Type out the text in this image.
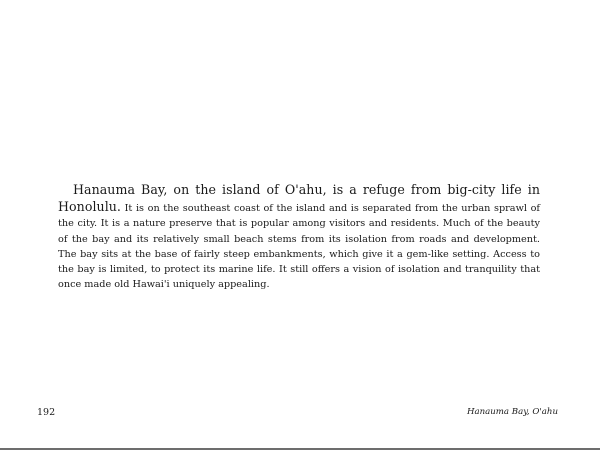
Hanauma Bay, on the island of O'ahu, is a refuge from big-city life in Honolulu. It is on the southeast coast of the island and is separated from the urban sprawl of the city. It is a nature preserve that is popular among visitors and residents. Much of the beauty of the bay and its relatively small beach stems from its isolation from roads and development. The bay sits at the base of fairly steep embankments, which give it a gem-like setting. Access to the bay is limited, to protect its marine life. It still offers a vision of isolation and tranquility that once made old Hawai'i uniquely appealing.

192	Hanauma Bay, O'ahu
